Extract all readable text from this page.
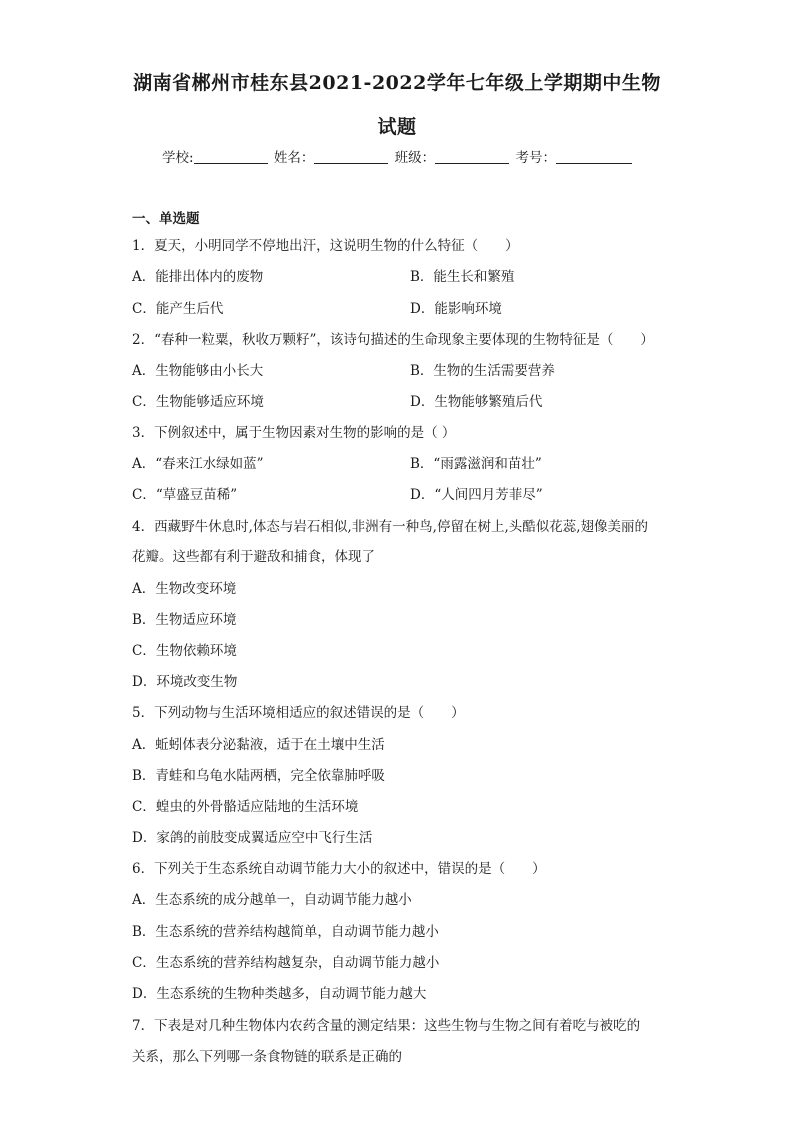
湖南省郴州市桂东县2021-2022学年七年级上学期期中生物
试题
学校:	姓名：	班级：	考号：
一、单选题
1．夏天，小明同学不停地出汗，这说明生物的什么特征（　　）
A．能排出体内的废物	B．能生长和繁殖
C．能产生后代	D．能影响环境
2．“春种一粒粟，秋收万颗籽”，该诗句描述的生命现象主要体现的生物特征是（　　）
A．生物能够由小长大	B．生物的生活需要营养
C．生物能够适应环境	D．生物能够繁殖后代
3．下例叙述中，属于生物因素对生物的影响的是（ ）
A．“春来江水绿如蓝”	B．“雨露滋润和苗壮”
C．“草盛豆苗稀”	D．“人间四月芳菲尽”
4．西藏野牛休息时,体态与岩石相似,非洲有一种鸟,停留在树上,头酷似花蕊,翅像美丽的
花瓣。这些都有利于避敌和捕食，体现了
A．生物改变环境
B．生物适应环境
C．生物依赖环境
D．环境改变生物
5．下列动物与生活环境相适应的叙述错误的是（　　）
A．蚯蚓体表分泌黏液，适于在土壤中生活
B．青蛙和乌龟水陆两栖，完全依靠肺呼吸
C．蝗虫的外骨骼适应陆地的生活环境
D．家鸽的前肢变成翼适应空中飞行生活
6．下列关于生态系统自动调节能力大小的叙述中，错误的是（　　）
A．生态系统的成分越单一，自动调节能力越小
B．生态系统的营养结构越简单，自动调节能力越小
C．生态系统的营养结构越复杂，自动调节能力越小
D．生态系统的生物种类越多，自动调节能力越大
7．下表是对几种生物体内农药含量的测定结果：这些生物与生物之间有着吃与被吃的
关系，那么下列哪一条食物链的联系是正确的
